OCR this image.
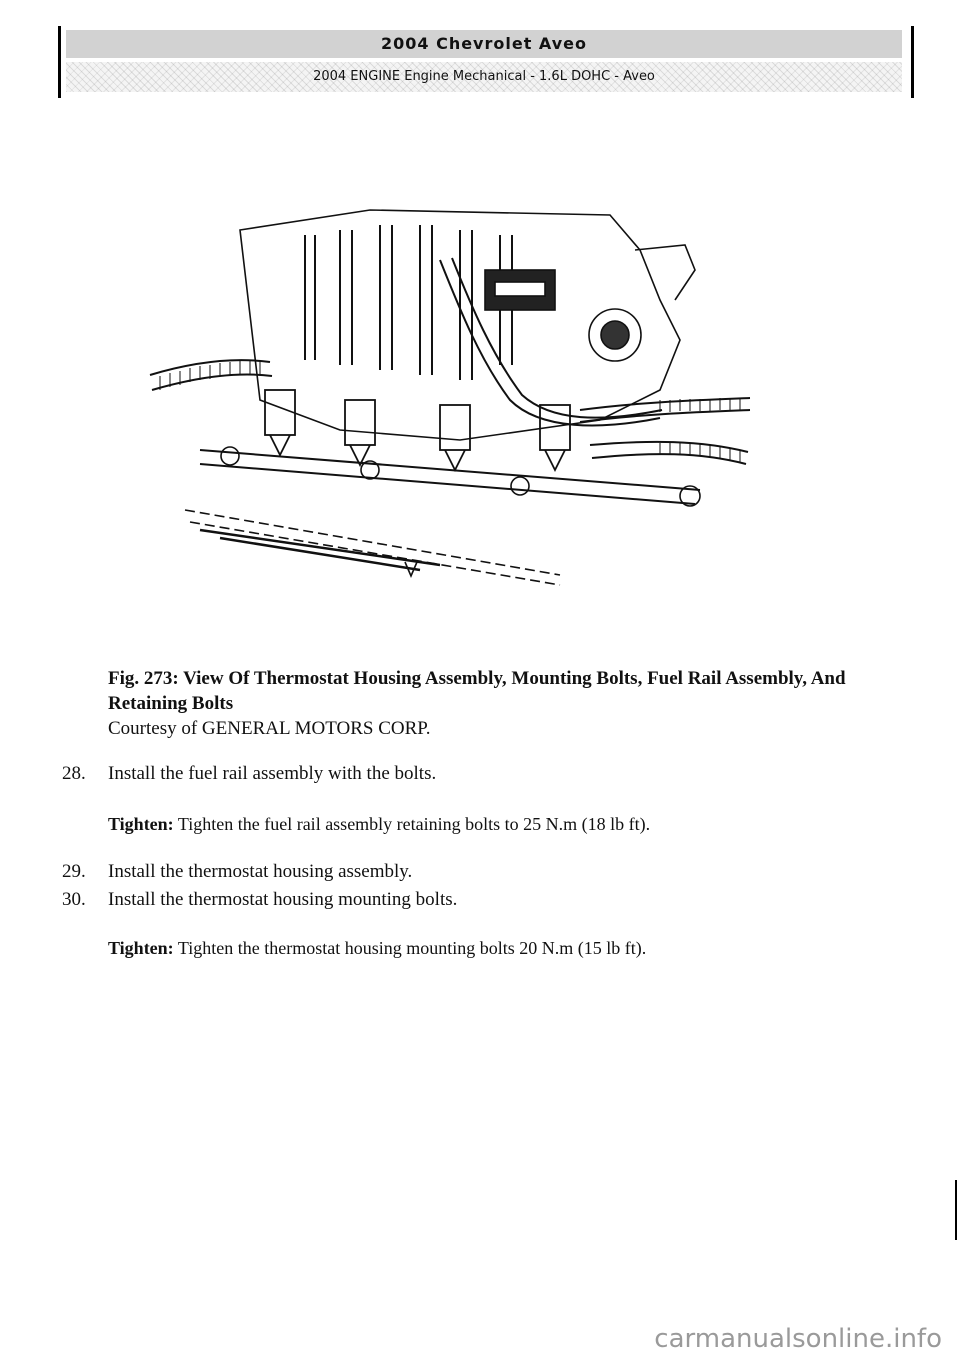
2004 Chevrolet Aveo
2004 ENGINE Engine Mechanical - 1.6L DOHC - Aveo
Fig. 273: View Of Thermostat Housing Assembly, Mounting Bolts, Fuel Rail Assembly, And Retaining Bolts
Courtesy of GENERAL MOTORS CORP.
28. Install the fuel rail assembly with the bolts.
Tighten: Tighten the fuel rail assembly retaining bolts to 25 N.m (18 lb ft).
29. Install the thermostat housing assembly.
30. Install the thermostat housing mounting bolts.
Tighten: Tighten the thermostat housing mounting bolts 20 N.m (15 lb ft).
carmanualsonline.info
